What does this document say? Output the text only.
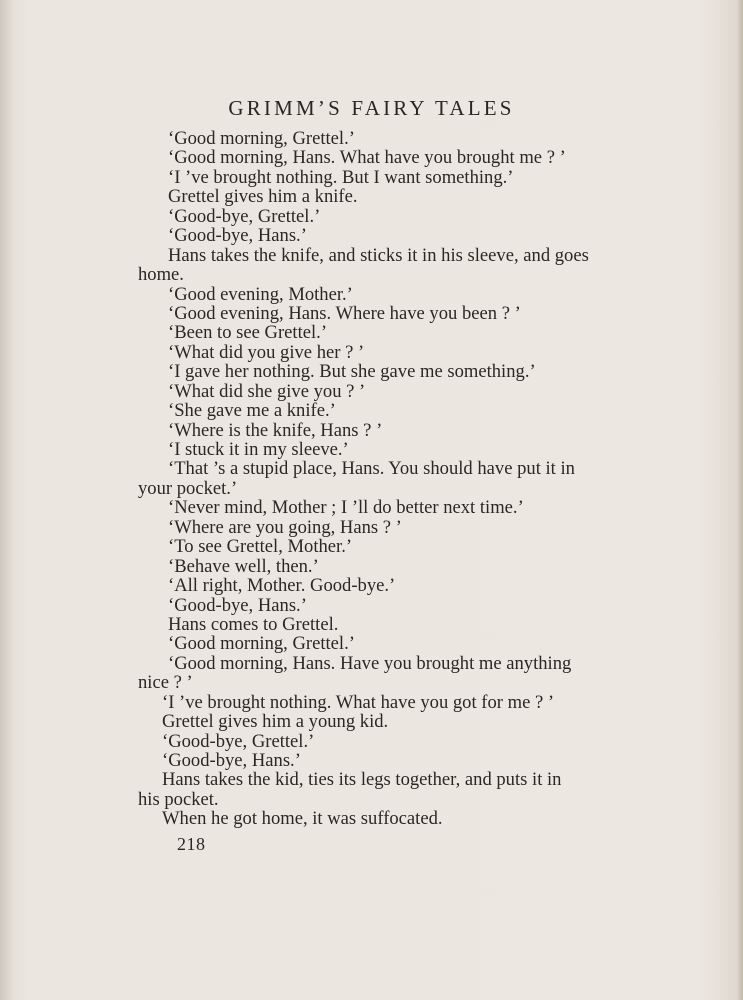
GRIMM’S FAIRY TALES
‘Good morning, Grettel.’
‘Good morning, Hans. What have you brought me ? ’
‘I ’ve brought nothing. But I want something.’
Grettel gives him a knife.
‘Good-bye, Grettel.’
‘Good-bye, Hans.’
Hans takes the knife, and sticks it in his sleeve, and goes
home.
‘Good evening, Mother.’
‘Good evening, Hans. Where have you been ? ’
‘Been to see Grettel.’
‘What did you give her ? ’
‘I gave her nothing. But she gave me something.’
‘What did she give you ? ’
‘She gave me a knife.’
‘Where is the knife, Hans ? ’
‘I stuck it in my sleeve.’
‘That ’s a stupid place, Hans. You should have put it in
your pocket.’
‘Never mind, Mother ; I ’ll do better next time.’
‘Where are you going, Hans ? ’
‘To see Grettel, Mother.’
‘Behave well, then.’
‘All right, Mother. Good-bye.’
‘Good-bye, Hans.’
Hans comes to Grettel.
‘Good morning, Grettel.’
‘Good morning, Hans. Have you brought me anything
nice ? ’
‘I ’ve brought nothing. What have you got for me ? ’
Grettel gives him a young kid.
‘Good-bye, Grettel.’
‘Good-bye, Hans.’
Hans takes the kid, ties its legs together, and puts it in
his pocket.
When he got home, it was suffocated.
218
